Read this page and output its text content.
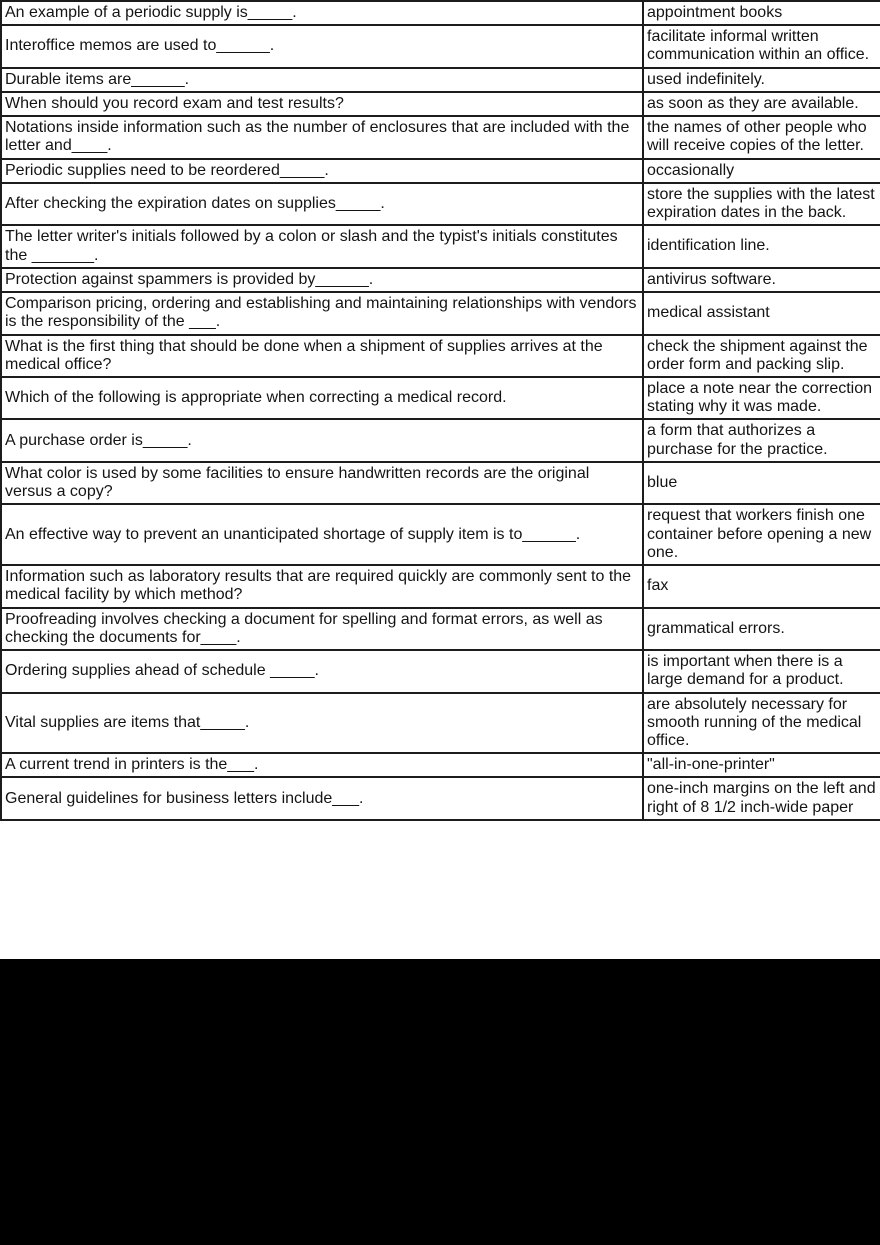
An example of a periodic supply is_____.	appointment books
Interoffice memos are used to______.	facilitate informal written communication within an office.
Durable items are______.	used indefinitely.
When should you record exam and test results?	as soon as they are available.
Notations inside information such as the number of enclosures that are included with the letter and____.	the names of other people who will receive copies of the letter.
Periodic supplies need to be reordered_____.	occasionally
After checking the expiration dates on supplies_____.	store the supplies with the latest expiration dates in the back.
The letter writer's initials followed by a colon or slash and the typist's initials constitutes the _______.	identification line.
Protection against spammers is provided by______.	antivirus software.
Comparison pricing, ordering and establishing and maintaining relationships with vendors is the responsibility of the ___.	medical assistant
What is the first thing that should be done when a shipment of supplies arrives at the medical office?	check the shipment against the order form and packing slip.
Which of the following is appropriate when correcting a medical record.	place a note near the correction stating why it was made.
A purchase order is_____.	a form that authorizes a purchase for the practice.
What color is used by some facilities to ensure handwritten records are the original versus a copy?	blue
An effective way to prevent an unanticipated shortage of supply item is to______.	request that workers finish one container before opening a new one.
Information such as laboratory results that are required quickly are commonly sent to the medical facility by which method?	fax
Proofreading involves checking a document for spelling and format errors, as well as checking the documents for____.	grammatical errors.
Ordering supplies ahead of schedule _____.	is important when there is a large demand for a product.
Vital supplies are items that_____.	are absolutely necessary for smooth running of the medical office.
A current trend in printers is the___.	"all-in-one-printer"
General guidelines for business letters include___.	one-inch margins on the left and right of 8 1/2 inch-wide paper
